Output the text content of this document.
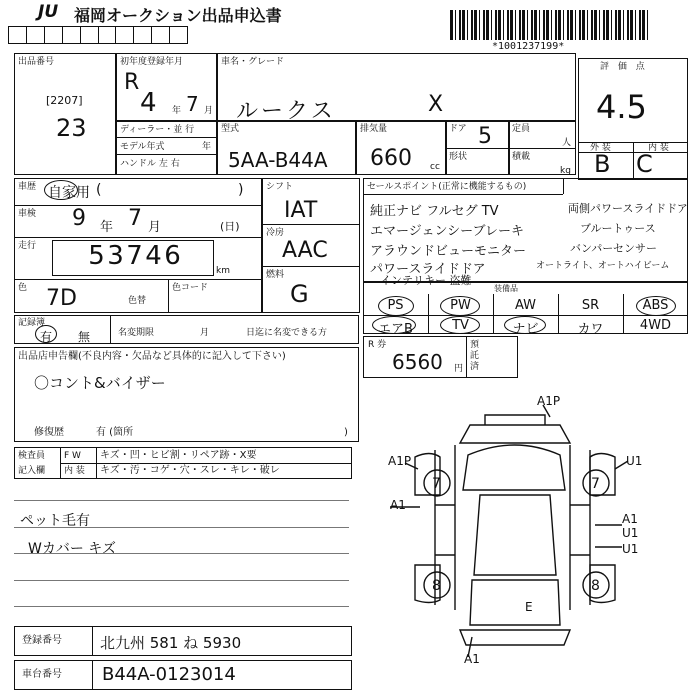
JU 福岡オークション出品申込書
*1001237199*
出品番号
[2207]
23
初年度登録年月
R
4 年 7 月
ディーラー・並 行
モデル年式	年
ハンドル 左 右
車名・グレード
ルークス	X
型式
5AA-B44A
排気量
660 cc
ドア 5 定員
人
形状	積載
kg
評 価 点
4.5
外 装	内 装
B C
車歴 自家用 (	)
車検 9 年 7 月	(日)
走行 5 3 7 4 6	km
色 7D	色替
色コード
シフト
IAT
冷房
AAC
燃料
G
セールスポイント(正常に機能するもの)
純正ナビ フルセグ TV
エマージェンシーブレーキ
アラウンドビューモニター
パワースライドドア
インテリキー 盗難
両側パワースライドドア
ブルートゥース
バンパーセンサー
オートライト、オートハイビーム
装備品
PS	PW	AW	SR	ABS
エアB	TV	ナビ	カワ	4WD
R 券
6560 円
預託済
記録簿
有 無	名変期限	月	日迄に名変できる方
出品店申告欄(不良内容・欠品など具体的に記入して下さい)
〇コント&バイザー
修復歴	有 (箇所	)
検査員
記入欄
F W キズ・凹・ヒビ割・リペア跡・X要
内 装 キズ・汚・コゲ・穴・スレ・キレ・破レ
ペット毛有
Wカバー キズ
A1P
A1P	U1
A1
A1
U1
U1
A1
E
7	7
8	8
登録番号	北九州 581 ね 5930
車台番号 B44A-0123014
